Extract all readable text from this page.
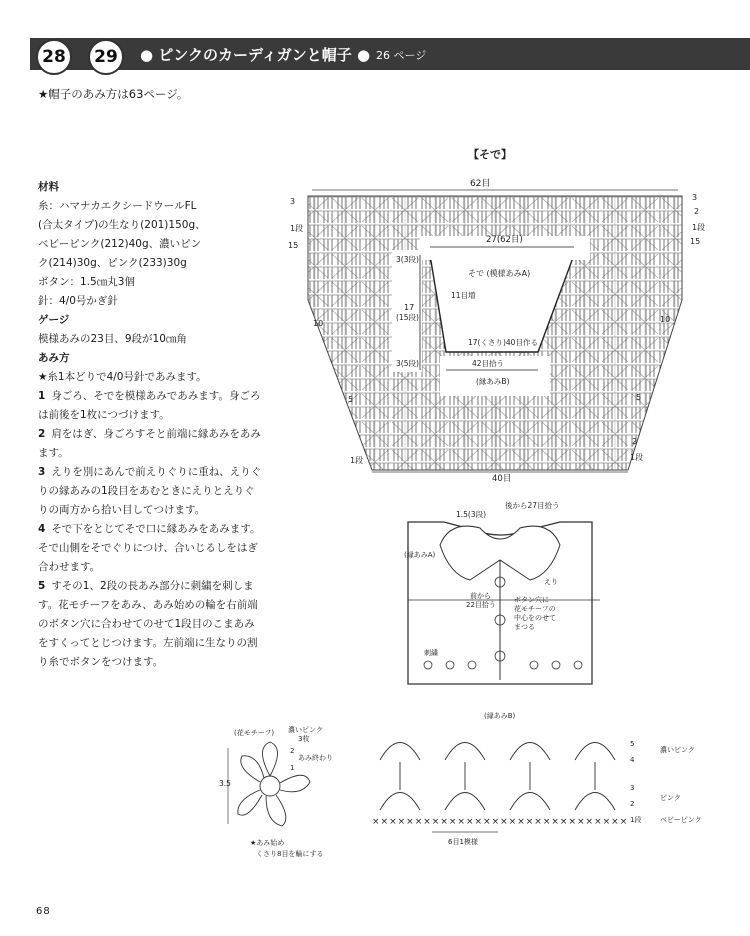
28	29	● ピンクのカーディガンと帽子 ● 26 ページ
★帽子のあみ方は63ページ。

材料

糸：ハマナカエクシードウールFL

(合太タイプ)の生なり(201)150g、

ベビーピンク(212)40g、濃いピン

ク(214)30g、ピンク(233)30g

ボタン：1.5㎝丸3個

針：4/0号かぎ針

ゲージ

模様あみの23目、9段が10㎝角

あみ方

★糸1本どりで4/0号針であみます。

1 身ごろ、そでを模様あみであみます。身ごろは前後を1枚につづけます。

2 肩をはぎ、身ごろすそと前端に縁あみをあみます。

3 えりを別にあんで前えりぐりに重ね、えりぐりの縁あみの1段目をあむときにえりとえりぐりの両方から拾い目してつけます。

4 そで下をとじてそで口に縁あみをあみます。そで山側をそでぐりにつけ、合いじるしをはぎ合わせます。

5 すその1、2段の長あみ部分に刺繍を刺します。花モチーフをあみ、あみ始めの輪を右前端のボタン穴に合わせてのせて1段目のこまあみをすくってとじつけます。左前端に生なりの割り糸でボタンをつけます。

【そで】
62目
27(62目)
そで (模様あみA)
11目増
17(くさり)40目作る
42目拾う
(縁あみB)
3(3段)
17
(15段)
3(5段)
3
1段
15
10
5
1段
3
2
1段
15
10
5
2
1段
40目
1.5(3段)
後から27目拾う
(縁あみA)
前から
22目拾う
えり
ボタン穴に
花モチーフの
中心をのせて
まつる
刺繍
(花モチーフ) 濃いピンク
3枚
あみ終わり
3.5
2
1
★あみ始め
くさり8目を輪にする
(縁あみB)
××××××××××××××××××××××××××××××
6目1模様
5
4
3
2
1段
濃いピンク
ピンク
ベビーピンク
68
